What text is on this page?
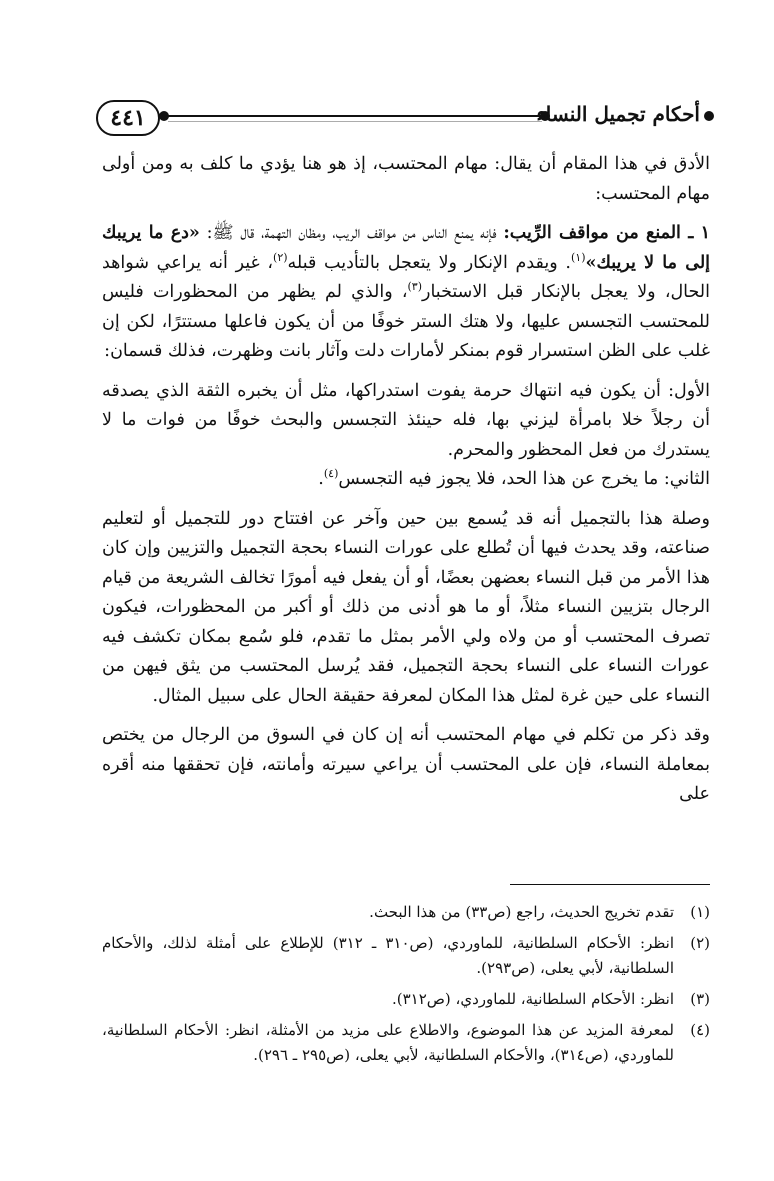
٤٤١	أحكام تجميل النساء

الأدق في هذا المقام أن يقال: مهام المحتسب، إذ هو هنا يؤدي ما كلف به ومن أولى مهام المحتسب:

١ ـ المنع من مواقف الرِّيب: فإنه يمنع الناس من مواقف الريب، ومظان التهمة، قال ﷺ: «دع ما يريبك إلى ما لا يريبك»$^{(١)}$. ويقدم الإنكار ولا يتعجل بالتأديب قبله$^{(٢)}$، غير أنه يراعي شواهد الحال، ولا يعجل بالإنكار قبل الاستخبار$^{(٣)}$، والذي لم يظهر من المحظورات فليس للمحتسب التجسس عليها، ولا هتك الستر خوفًا من أن يكون فاعلها مستترًا، لكن إن غلب على الظن استسرار قوم بمنكر لأمارات دلت وآثار بانت وظهرت، فذلك قسمان:

الأول: أن يكون فيه انتهاك حرمة يفوت استدراكها، مثل أن يخبره الثقة الذي يصدقه أن رجلاً خلا بامرأة ليزني بها، فله حينئذ التجسس والبحث خوفًا من فوات ما لا يستدرك من فعل المحظور والمحرم.

الثاني: ما يخرج عن هذا الحد، فلا يجوز فيه التجسس$^{(٤)}$.

وصلة هذا بالتجميل أنه قد يُسمع بين حين وآخر عن افتتاح دور للتجميل أو لتعليم صناعته، وقد يحدث فيها أن تُطلع على عورات النساء بحجة التجميل والتزيين وإن كان هذا الأمر من قبل النساء بعضهن بعضًا، أو أن يفعل فيه أمورًا تخالف الشريعة من قيام الرجال بتزيين النساء مثلاً، أو ما هو أدنى من ذلك أو أكبر من المحظورات، فيكون تصرف المحتسب أو من ولاه ولي الأمر بمثل ما تقدم، فلو سُمع بمكان تكشف فيه عورات النساء على النساء بحجة التجميل، فقد يُرسل المحتسب من يثق فيهن من النساء على حين غرة لمثل هذا المكان لمعرفة حقيقة الحال على سبيل المثال.

وقد ذكر من تكلم في مهام المحتسب أنه إن كان في السوق من الرجال من يختص بمعاملة النساء، فإن على المحتسب أن يراعي سيرته وأمانته، فإن تحققها منه أقره على

(١)
تقدم تخريج الحديث، راجع (ص٣٣) من هذا البحث.
(٢)
انظر: الأحكام السلطانية، للماوردي، (ص٣١٠ ـ ٣١٢) للإطلاع على أمثلة لذلك، والأحكام السلطانية، لأبي يعلى، (ص٢٩٣).
(٣)
انظر: الأحكام السلطانية، للماوردي، (ص٣١٢).
(٤)
لمعرفة المزيد عن هذا الموضوع، والاطلاع على مزيد من الأمثلة، انظر: الأحكام السلطانية، للماوردي، (ص٣١٤)، والأحكام السلطانية، لأبي يعلى، (ص٢٩٥ ـ ٢٩٦).
